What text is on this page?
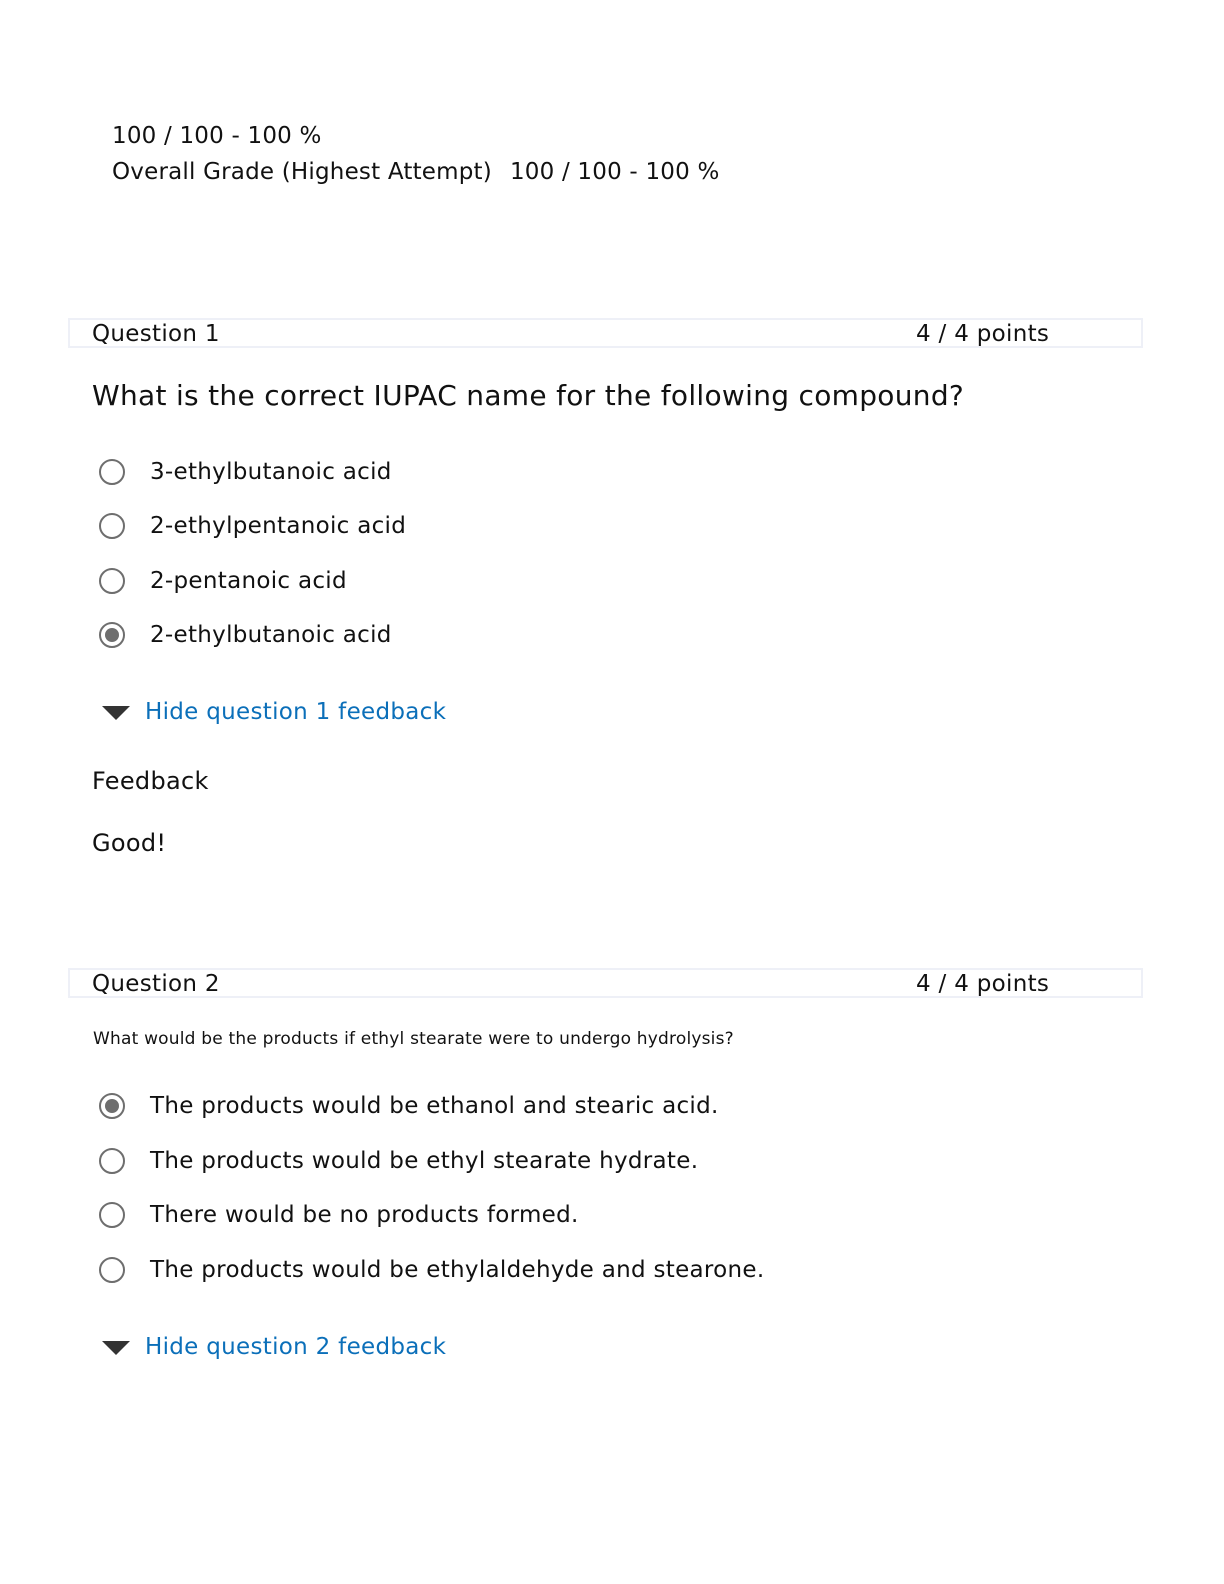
100 / 100 - 100 %
Overall Grade (Highest Attempt) 100 / 100 - 100 %
Question 1	4 / 4 points
What is the correct IUPAC name for the following compound?
3-ethylbutanoic acid
2-ethylpentanoic acid
2-pentanoic acid
2-ethylbutanoic acid
Hide question 1 feedback
Feedback
Good!
Question 2	4 / 4 points
What would be the products if ethyl stearate were to undergo hydrolysis?
The products would be ethanol and stearic acid.
The products would be ethyl stearate hydrate.
There would be no products formed.
The products would be ethylaldehyde and stearone.
Hide question 2 feedback
